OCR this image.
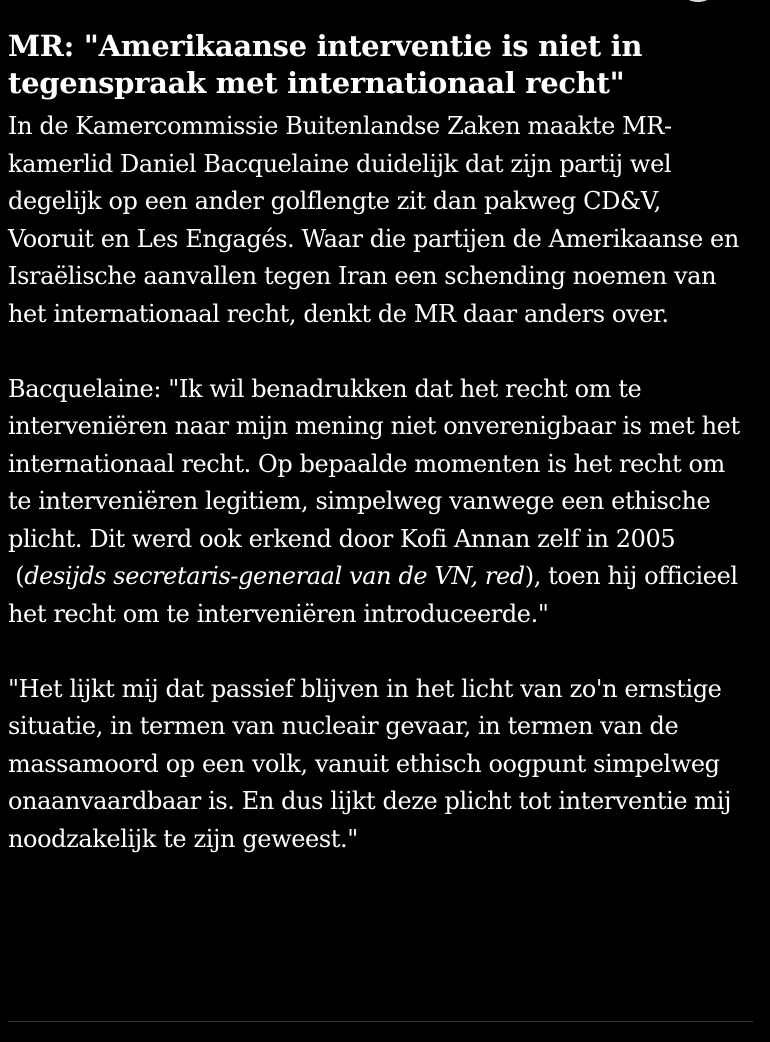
MR: "Amerikaanse interventie is niet in tegenspraak met internationaal recht"

In de Kamercommissie Buitenlandse Zaken maakte MR-kamerlid Daniel Bacquelaine duidelijk dat zijn partij wel degelijk op een ander golflengte zit dan pakweg CD&V, Vooruit en Les Engagés. Waar die partijen de Amerikaanse en Israëlische aanvallen tegen Iran een schending noemen van het internationaal recht, denkt de MR daar anders over.

Bacquelaine: "Ik wil benadrukken dat het recht om te interveniëren naar mijn mening niet onverenigbaar is met het internationaal recht. Op bepaalde momenten is het recht om te interveniëren legitiem, simpelweg vanwege een ethische plicht. Dit werd ook erkend door Kofi Annan zelf in 2005  (desijds secretaris-generaal van de VN, red), toen hij officieel het recht om te interveniëren introduceerde."

"Het lijkt mij dat passief blijven in het licht van zo'n ernstige situatie, in termen van nucleair gevaar, in termen van de massamoord op een volk, vanuit ethisch oogpunt simpelweg onaanvaardbaar is. En dus lijkt deze plicht tot interventie mij noodzakelijk te zijn geweest."
